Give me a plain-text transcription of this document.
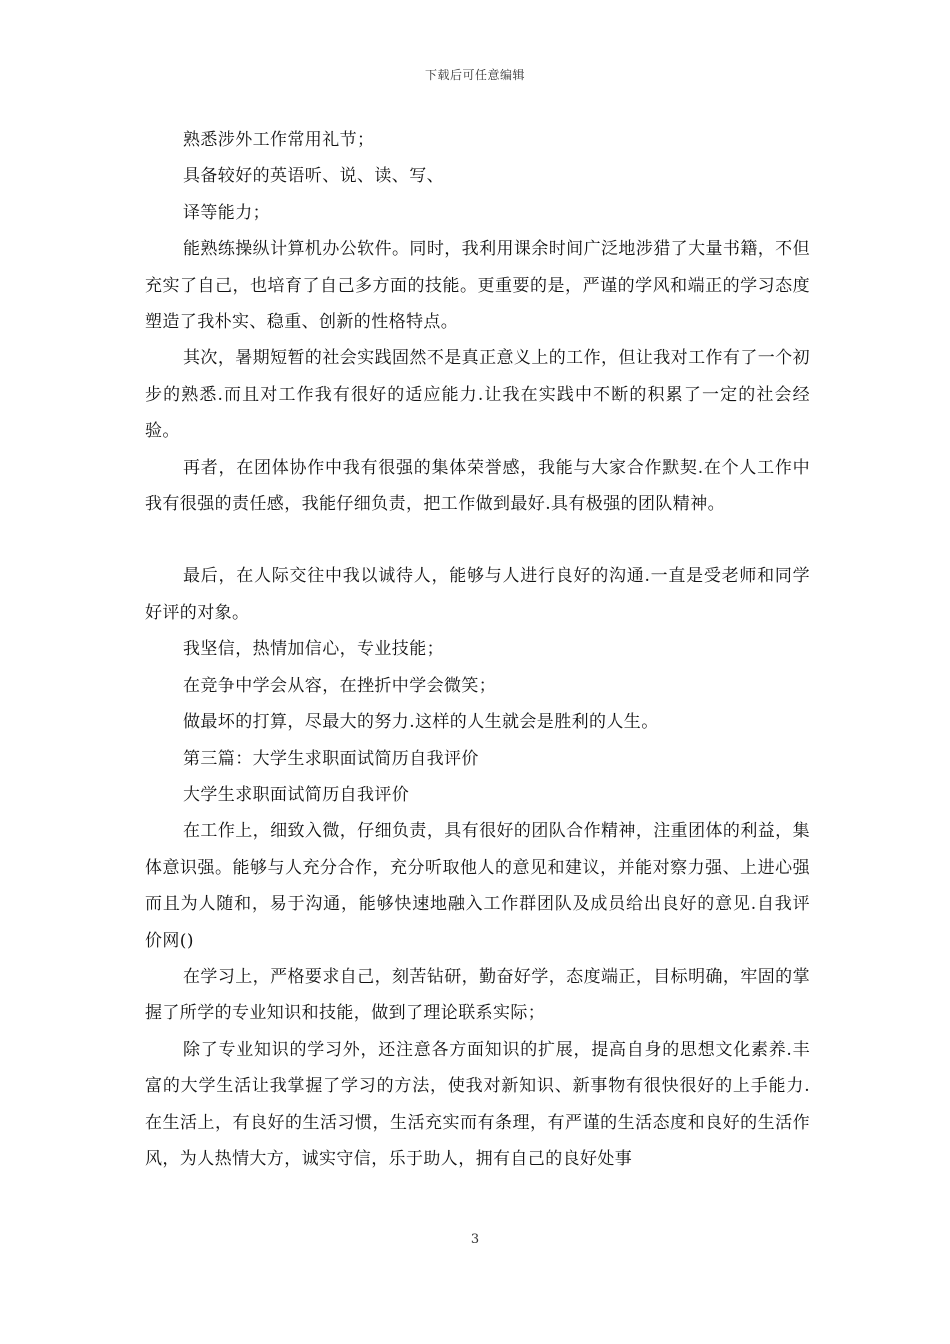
下载后可任意编辑

熟悉涉外工作常用礼节；

具备较好的英语听、说、读、写、

译等能力；

能熟练操纵计算机办公软件。同时，我利用课余时间广泛地涉猎了大量书籍，不但充实了自己，也培育了自己多方面的技能。更重要的是，严谨的学风和端正的学习态度塑造了我朴实、稳重、创新的性格特点。

其次，暑期短暂的社会实践固然不是真正意义上的工作，但让我对工作有了一个初步的熟悉.而且对工作我有很好的适应能力.让我在实践中不断的积累了一定的社会经验。

再者，在团体协作中我有很强的集体荣誉感，我能与大家合作默契.在个人工作中我有很强的责任感，我能仔细负责，把工作做到最好.具有极强的团队精神。

最后，在人际交往中我以诚待人，能够与人进行良好的沟通.一直是受老师和同学好评的对象。

我坚信，热情加信心，专业技能；

在竞争中学会从容，在挫折中学会微笑；

做最坏的打算，尽最大的努力.这样的人生就会是胜利的人生。

第三篇：大学生求职面试简历自我评价

大学生求职面试简历自我评价

在工作上，细致入微，仔细负责，具有很好的团队合作精神，注重团体的利益，集体意识强。能够与人充分合作，充分听取他人的意见和建议，并能对察力强、上进心强而且为人随和，易于沟通，能够快速地融入工作群团队及成员给出良好的意见.自我评价网()

在学习上，严格要求自己，刻苦钻研，勤奋好学，态度端正，目标明确，牢固的掌握了所学的专业知识和技能，做到了理论联系实际；

除了专业知识的学习外，还注意各方面知识的扩展，提高自身的思想文化素养.丰富的大学生活让我掌握了学习的方法，使我对新知识、新事物有很快很好的上手能力.在生活上，有良好的生活习惯，生活充实而有条理，有严谨的生活态度和良好的生活作风，为人热情大方，诚实守信，乐于助人，拥有自己的良好处事

3
